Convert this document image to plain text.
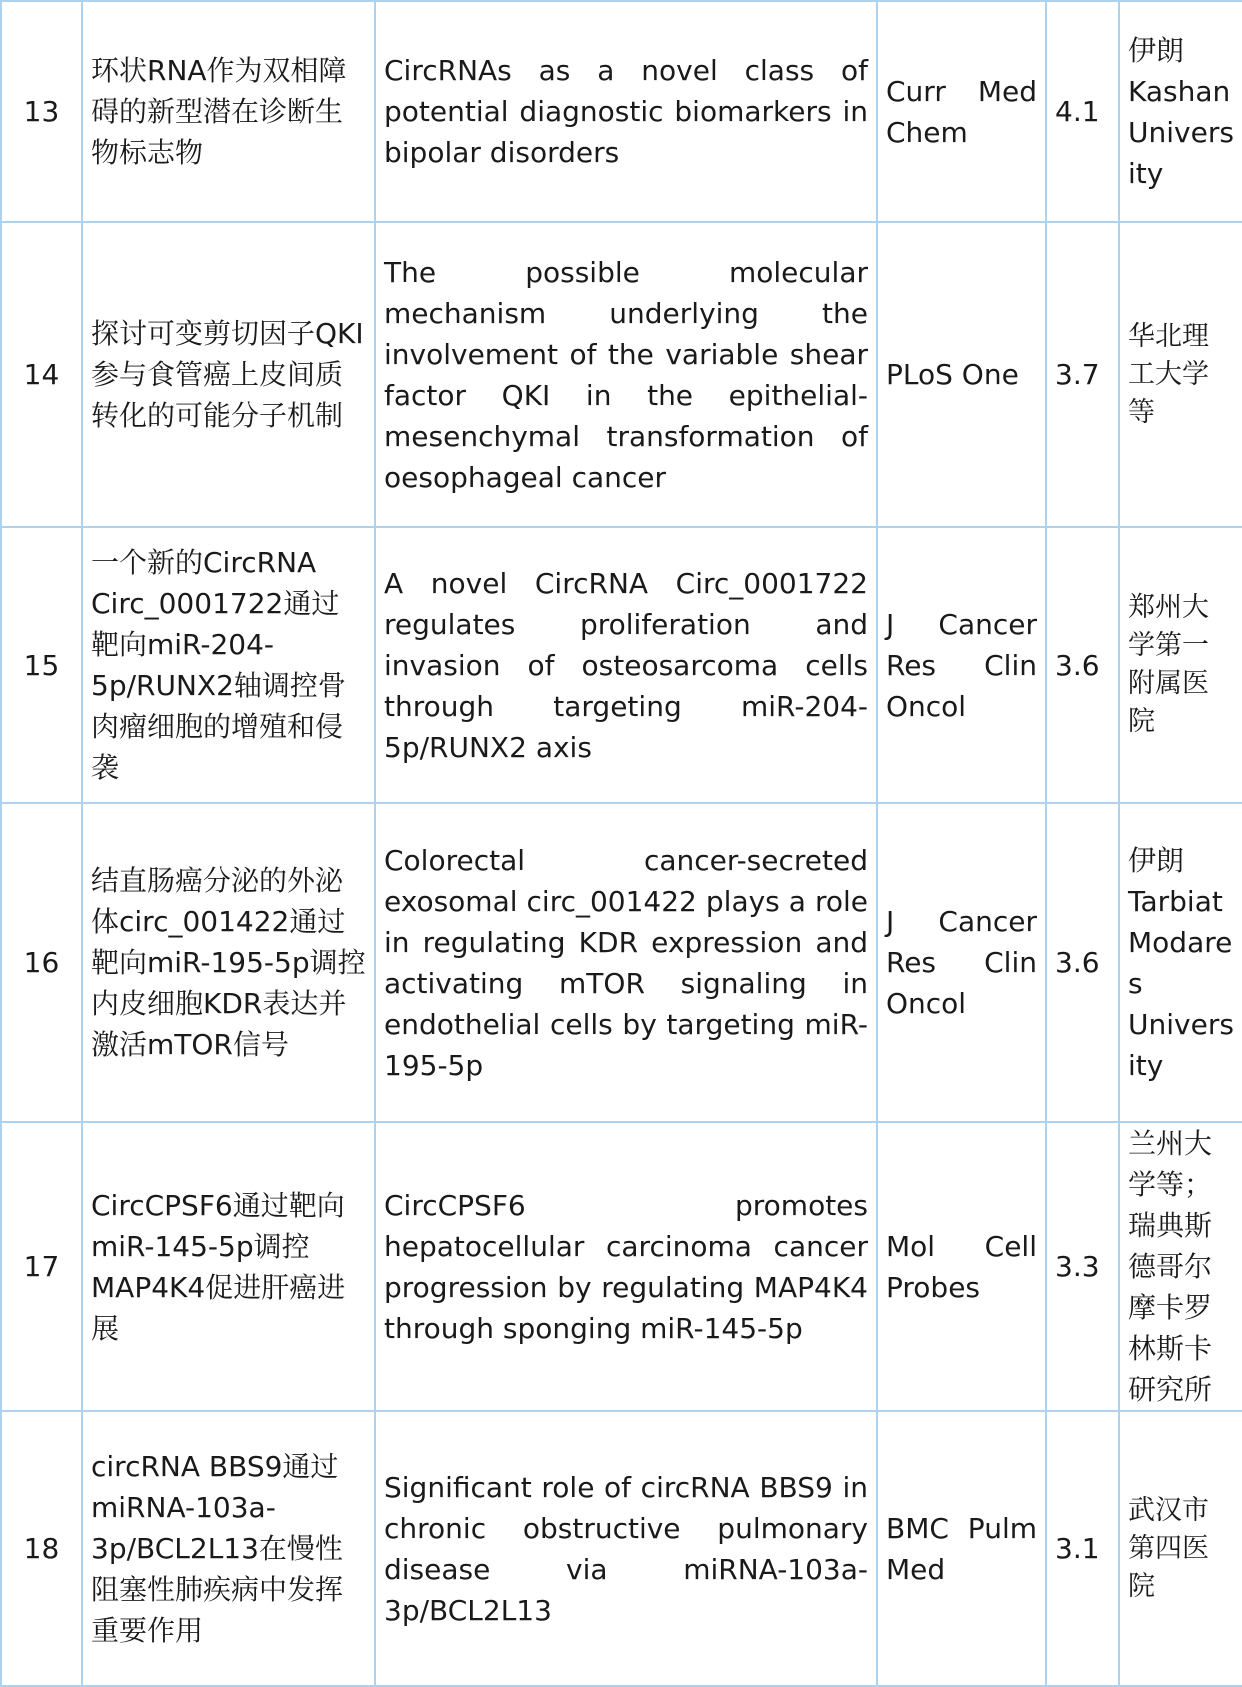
13	环状RNA作为双相障碍的新型潜在诊断生物标志物	CircRNAs as a novel class of potential diagnostic biomarkers in bipolar disorders	Curr Med Chem	4.1	伊朗Kashan University
14	探讨可变剪切因子QKI参与食管癌上皮间质转化的可能分子机制	The possible molecular mechanism underlying the involvement of the variable shear factor QKI in the epithelial-mesenchymal transformation of oesophageal cancer	PLoS One	3.7	华北理工大学等
15	一个新的CircRNA Circ_0001722通过靶向miR-204-5p/RUNX2轴调控骨肉瘤细胞的增殖和侵袭	A novel CircRNA Circ_0001722 regulates proliferation and invasion of osteosarcoma cells through targeting miR-204-5p/RUNX2 axis	J Cancer Res Clin Oncol	3.6	郑州大学第一附属医院
16	结直肠癌分泌的外泌体circ_001422通过靶向miR-195-5p调控内皮细胞KDR表达并激活mTOR信号	Colorectal cancer-secreted exosomal circ_001422 plays a role in regulating KDR expression and activating mTOR signaling in endothelial cells by targeting miR-195-5p	J Cancer Res Clin Oncol	3.6	伊朗Tarbiat Modares University
17	CircCPSF6通过靶向miR-145-5p调控MAP4K4促进肝癌进展	CircCPSF6 promotes hepatocellular carcinoma cancer progression by regulating MAP4K4 through sponging miR-145-5p	Mol Cell Probes	3.3	兰州大学等；瑞典斯德哥尔摩卡罗林斯卡研究所
18	circRNA BBS9通过miRNA-103a-3p/BCL2L13在慢性阻塞性肺疾病中发挥重要作用	Significant role of circRNA BBS9 in chronic obstructive pulmonary disease via miRNA-103a-3p/BCL2L13	BMC Pulm Med	3.1	武汉市第四医院
